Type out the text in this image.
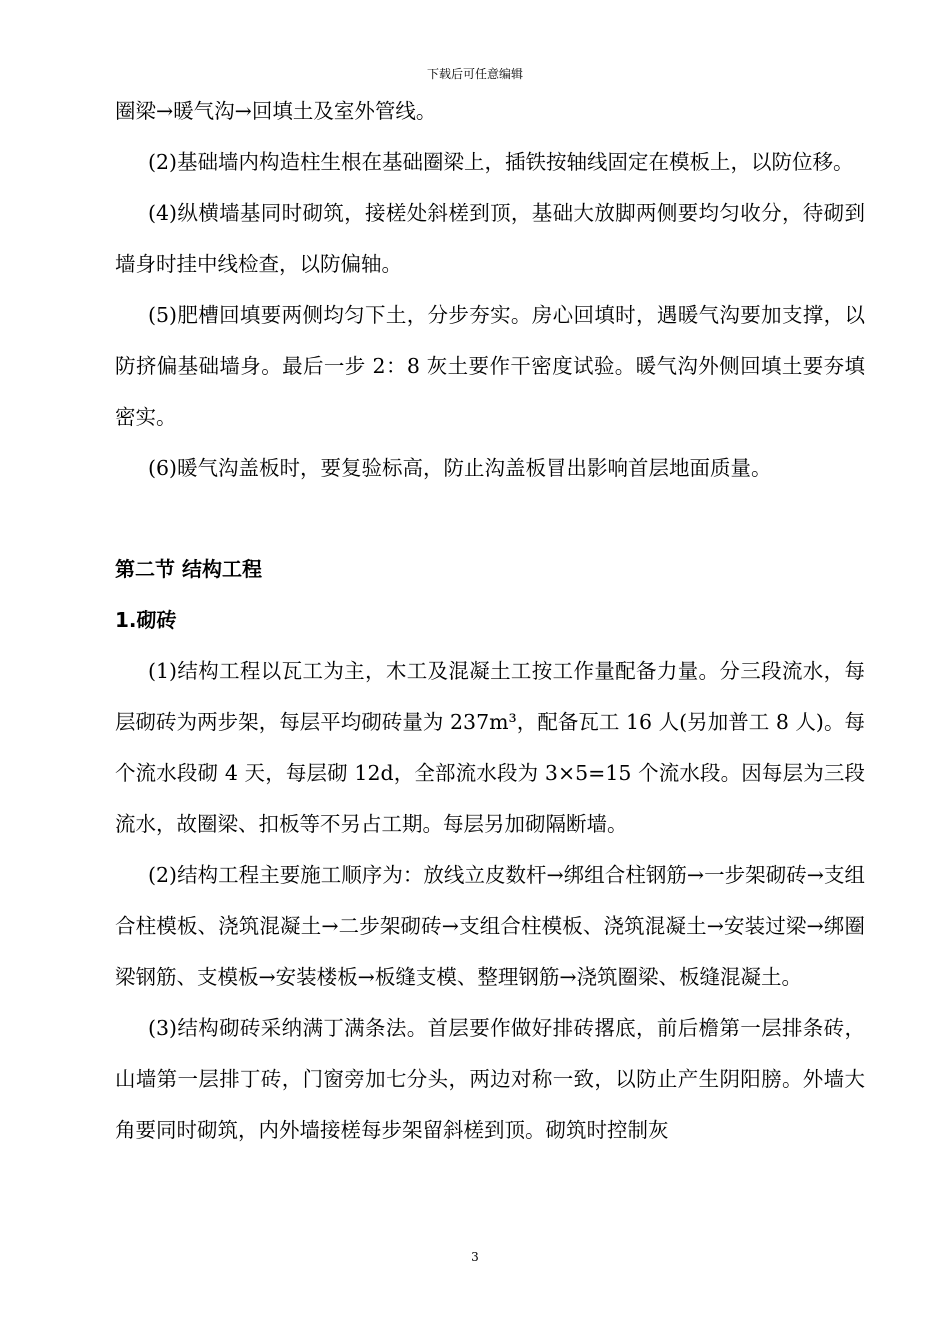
下载后可任意编辑

圈梁→暖气沟→回填土及室外管线。

(2)基础墙内构造柱生根在基础圈梁上，插铁按轴线固定在模板上，以防位移。

(4)纵横墙基同时砌筑，接槎处斜槎到顶，基础大放脚两侧要均匀收分，待砌到墙身时挂中线检查，以防偏轴。

(5)肥槽回填要两侧均匀下土，分步夯实。房心回填时，遇暖气沟要加支撑，以防挤偏基础墙身。最后一步 2：8 灰土要作干密度试验。暖气沟外侧回填土要夯填密实。

(6)暖气沟盖板时，要复验标高，防止沟盖板冒出影响首层地面质量。

第二节 结构工程
1.砌砖

(1)结构工程以瓦工为主，木工及混凝土工按工作量配备力量。分三段流水，每层砌砖为两步架，每层平均砌砖量为 237m³，配备瓦工 16 人(另加普工 8 人)。每个流水段砌 4 天，每层砌 12d，全部流水段为 3×5=15 个流水段。因每层为三段流水，故圈梁、扣板等不另占工期。每层另加砌隔断墙。

(2)结构工程主要施工顺序为：放线立皮数杆→绑组合柱钢筋→一步架砌砖→支组合柱模板、浇筑混凝土→二步架砌砖→支组合柱模板、浇筑混凝土→安装过梁→绑圈梁钢筋、支模板→安装楼板→板缝支模、整理钢筋→浇筑圈梁、板缝混凝土。

(3)结构砌砖采纳满丁满条法。首层要作做好排砖撂底，前后檐第一层排条砖，山墙第一层排丁砖，门窗旁加七分头，两边对称一致，以防止产生阴阳膀。外墙大角要同时砌筑，内外墙接槎每步架留斜槎到顶。砌筑时控制灰

3
